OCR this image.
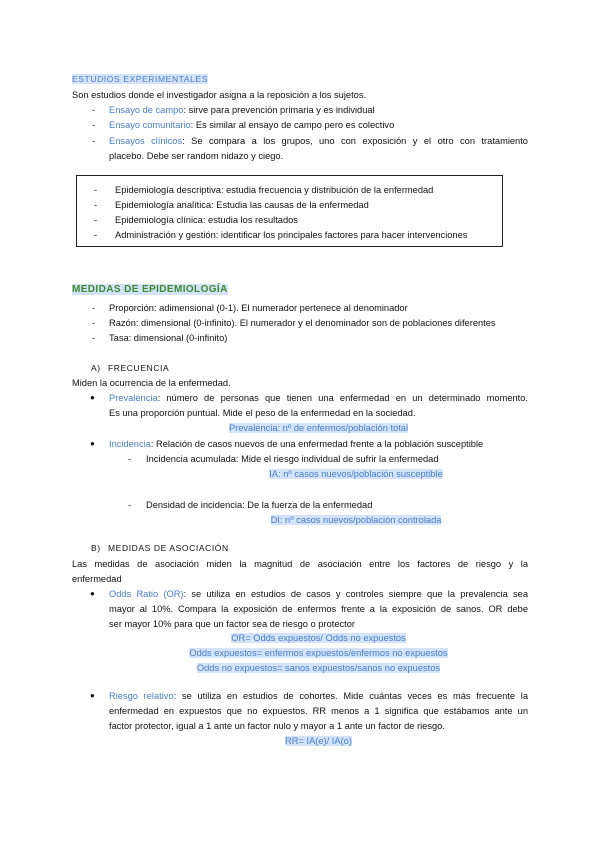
ESTUDIOS EXPERIMENTALES
Son estudios donde el investigador asigna a la reposición a los sujetos.
- Ensayo de campo: sirve para prevención primaria y es individual
- Ensayo comunitario: Es similar al ensayo de campo pero es colectivo
- Ensayos clínicos: Se compara a los grupos, uno con exposición y el otro con tratamiento
placebo. Debe ser random nidazo y ciego.
- Epidemiología descriptiva: estudia frecuencia y distribución de la enfermedad
- Epidemiología analítica: Estudia las causas de la enfermedad
- Epidemiología clínica: estudia los resultados
- Administración y gestión: identificar los principales factores para hacer intervenciones
MEDIDAS DE EPIDEMIOLOGÍA
- Proporción: adimensional (0-1). El numerador pertenece al denominador
- Razón: dimensional (0-infinito). El numerador y el denominador son de poblaciones diferentes
- Tasa: dimensional (0-infinito)
A) FRECUENCIA
Miden la ocurrencia de la enfermedad.
● Prevalencia: número de personas que tienen una enfermedad en un determinado momento.
Es una proporción puntual. Mide el peso de la enfermedad en la sociedad.
Prevalencia: nº de enfermos/población total
● Incidencia: Relación de casos nuevos de una enfermedad frente a la población susceptible
- Incidencia acumulada: Mide el riesgo individual de sufrir la enfermedad
IA: nº casos nuevos/población susceptible
- Densidad de incidencia: De la fuerza de la enfermedad
DI: nº casos nuevos/población controlada
B) MEDIDAS DE ASOCIACIÓN
Las medidas de asociación miden la magnitud de asociación entre los factores de riesgo y la
enfermedad
● Odds Ratio (OR): se utiliza en estudios de casos y controles siempre que la prevalencia sea
mayor al 10%. Compara la exposición de enfermos frente a la exposición de sanos. OR debe
ser mayor 10% para que un factor sea de riesgo o protector
OR= Odds expuestos/ Odds no expuestos
Odds expuestos= enfermos expuestos/enfermos no expuestos
Odds no expuestos= sanos expuestos/sanos no expuestos
● Riesgo relativo: se utiliza en estudios de cohortes. Mide cuántas veces es más frecuente la
enfermedad en expuestos que no expuestos. RR menos a 1 significa que estábamos ante un
factor protector, igual a 1 ante un factor nulo y mayor a 1 ante un factor de riesgo.
RR= IA(e)/ IA(o)
